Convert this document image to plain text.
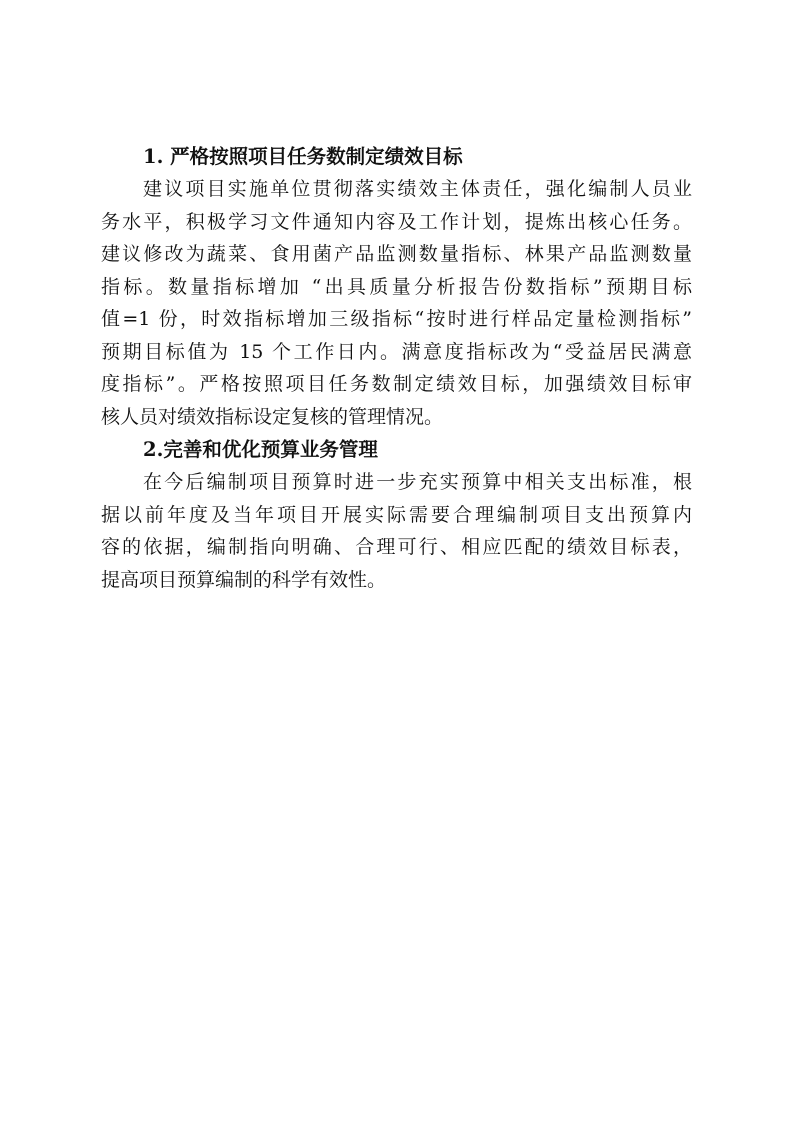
1. 严格按照项目任务数制定绩效目标

建议项目实施单位贯彻落实绩效主体责任，强化编制人员业

务水平，积极学习文件通知内容及工作计划，提炼出核心任务。

建议修改为蔬菜、食用菌产品监测数量指标、林果产品监测数量

指标。数量指标增加 “出具质量分析报告份数指标”预期目标

值=1 份，时效指标增加三级指标“按时进行样品定量检测指标”

预期目标值为 15 个工作日内。满意度指标改为“受益居民满意

度指标”。严格按照项目任务数制定绩效目标，加强绩效目标审

核人员对绩效指标设定复核的管理情况。

2.完善和优化预算业务管理

在今后编制项目预算时进一步充实预算中相关支出标准，根

据以前年度及当年项目开展实际需要合理编制项目支出预算内

容的依据，编制指向明确、合理可行、相应匹配的绩效目标表，

提高项目预算编制的科学有效性。
